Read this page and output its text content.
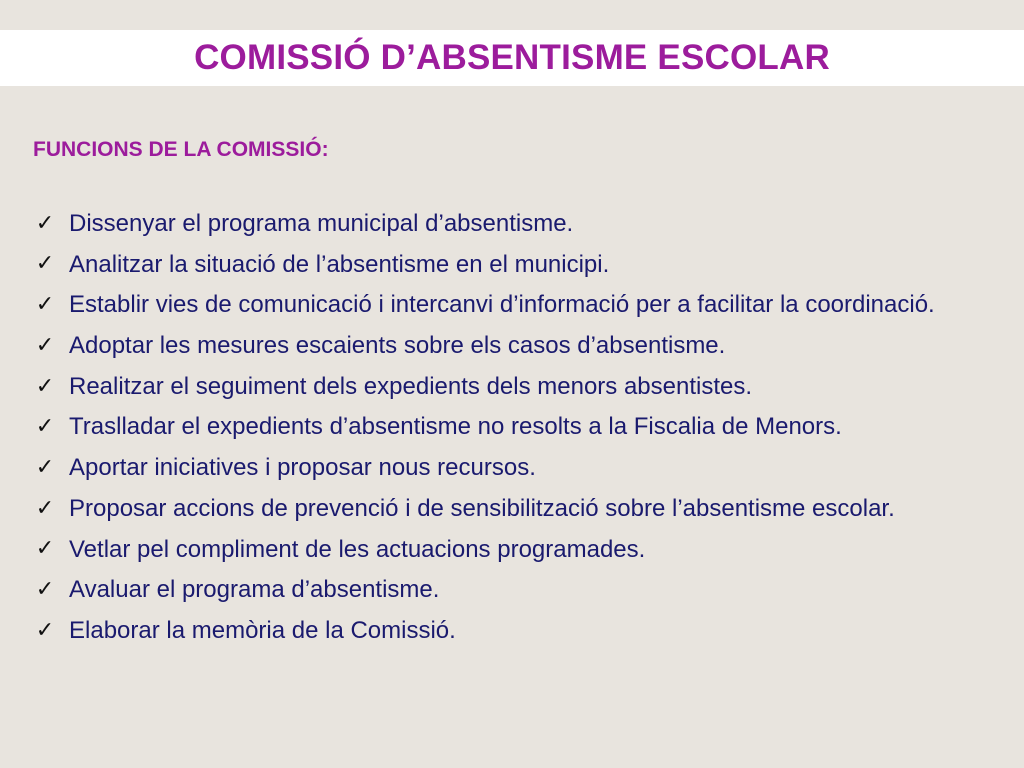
COMISSIÓ D’ABSENTISME ESCOLAR

FUNCIONS DE LA COMISSIÓ:

✓ Dissenyar el programa municipal d’absentisme.
✓ Analitzar la situació de l’absentisme en el municipi.
✓ Establir vies de comunicació i intercanvi d’informació per a facilitar la coordinació.
✓ Adoptar les mesures escaients sobre els casos d’absentisme.
✓ Realitzar el seguiment dels expedients dels menors absentistes.
✓ Traslladar el expedients d’absentisme no resolts a la Fiscalia de Menors.
✓ Aportar iniciatives i proposar nous recursos.
✓ Proposar accions de prevenció i de sensibilització sobre l’absentisme escolar.
✓ Vetlar pel compliment de les actuacions programades.
✓ Avaluar el programa d’absentisme.
✓ Elaborar la memòria de la Comissió.
